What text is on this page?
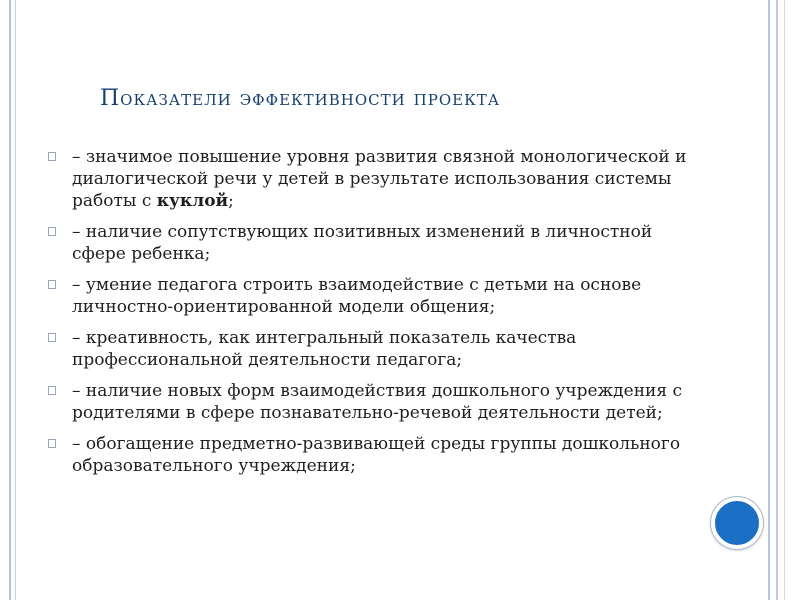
Показатели эффективности проекта
– значимое повышение уровня развития связной монологической и диалогической речи у детей в результате использования системы работы с куклой;
– наличие сопутствующих позитивных изменений в личностной сфере ребенка;
– умение педагога строить взаимодействие с детьми на основе личностно-ориентированной модели общения;
– креативность, как интегральный показатель качества профессиональной деятельности педагога;
– наличие новых форм взаимодействия дошкольного учреждения с родителями в сфере познавательно-речевой деятельности детей;
– обогащение предметно-развивающей среды группы дошкольного образовательного учреждения;
